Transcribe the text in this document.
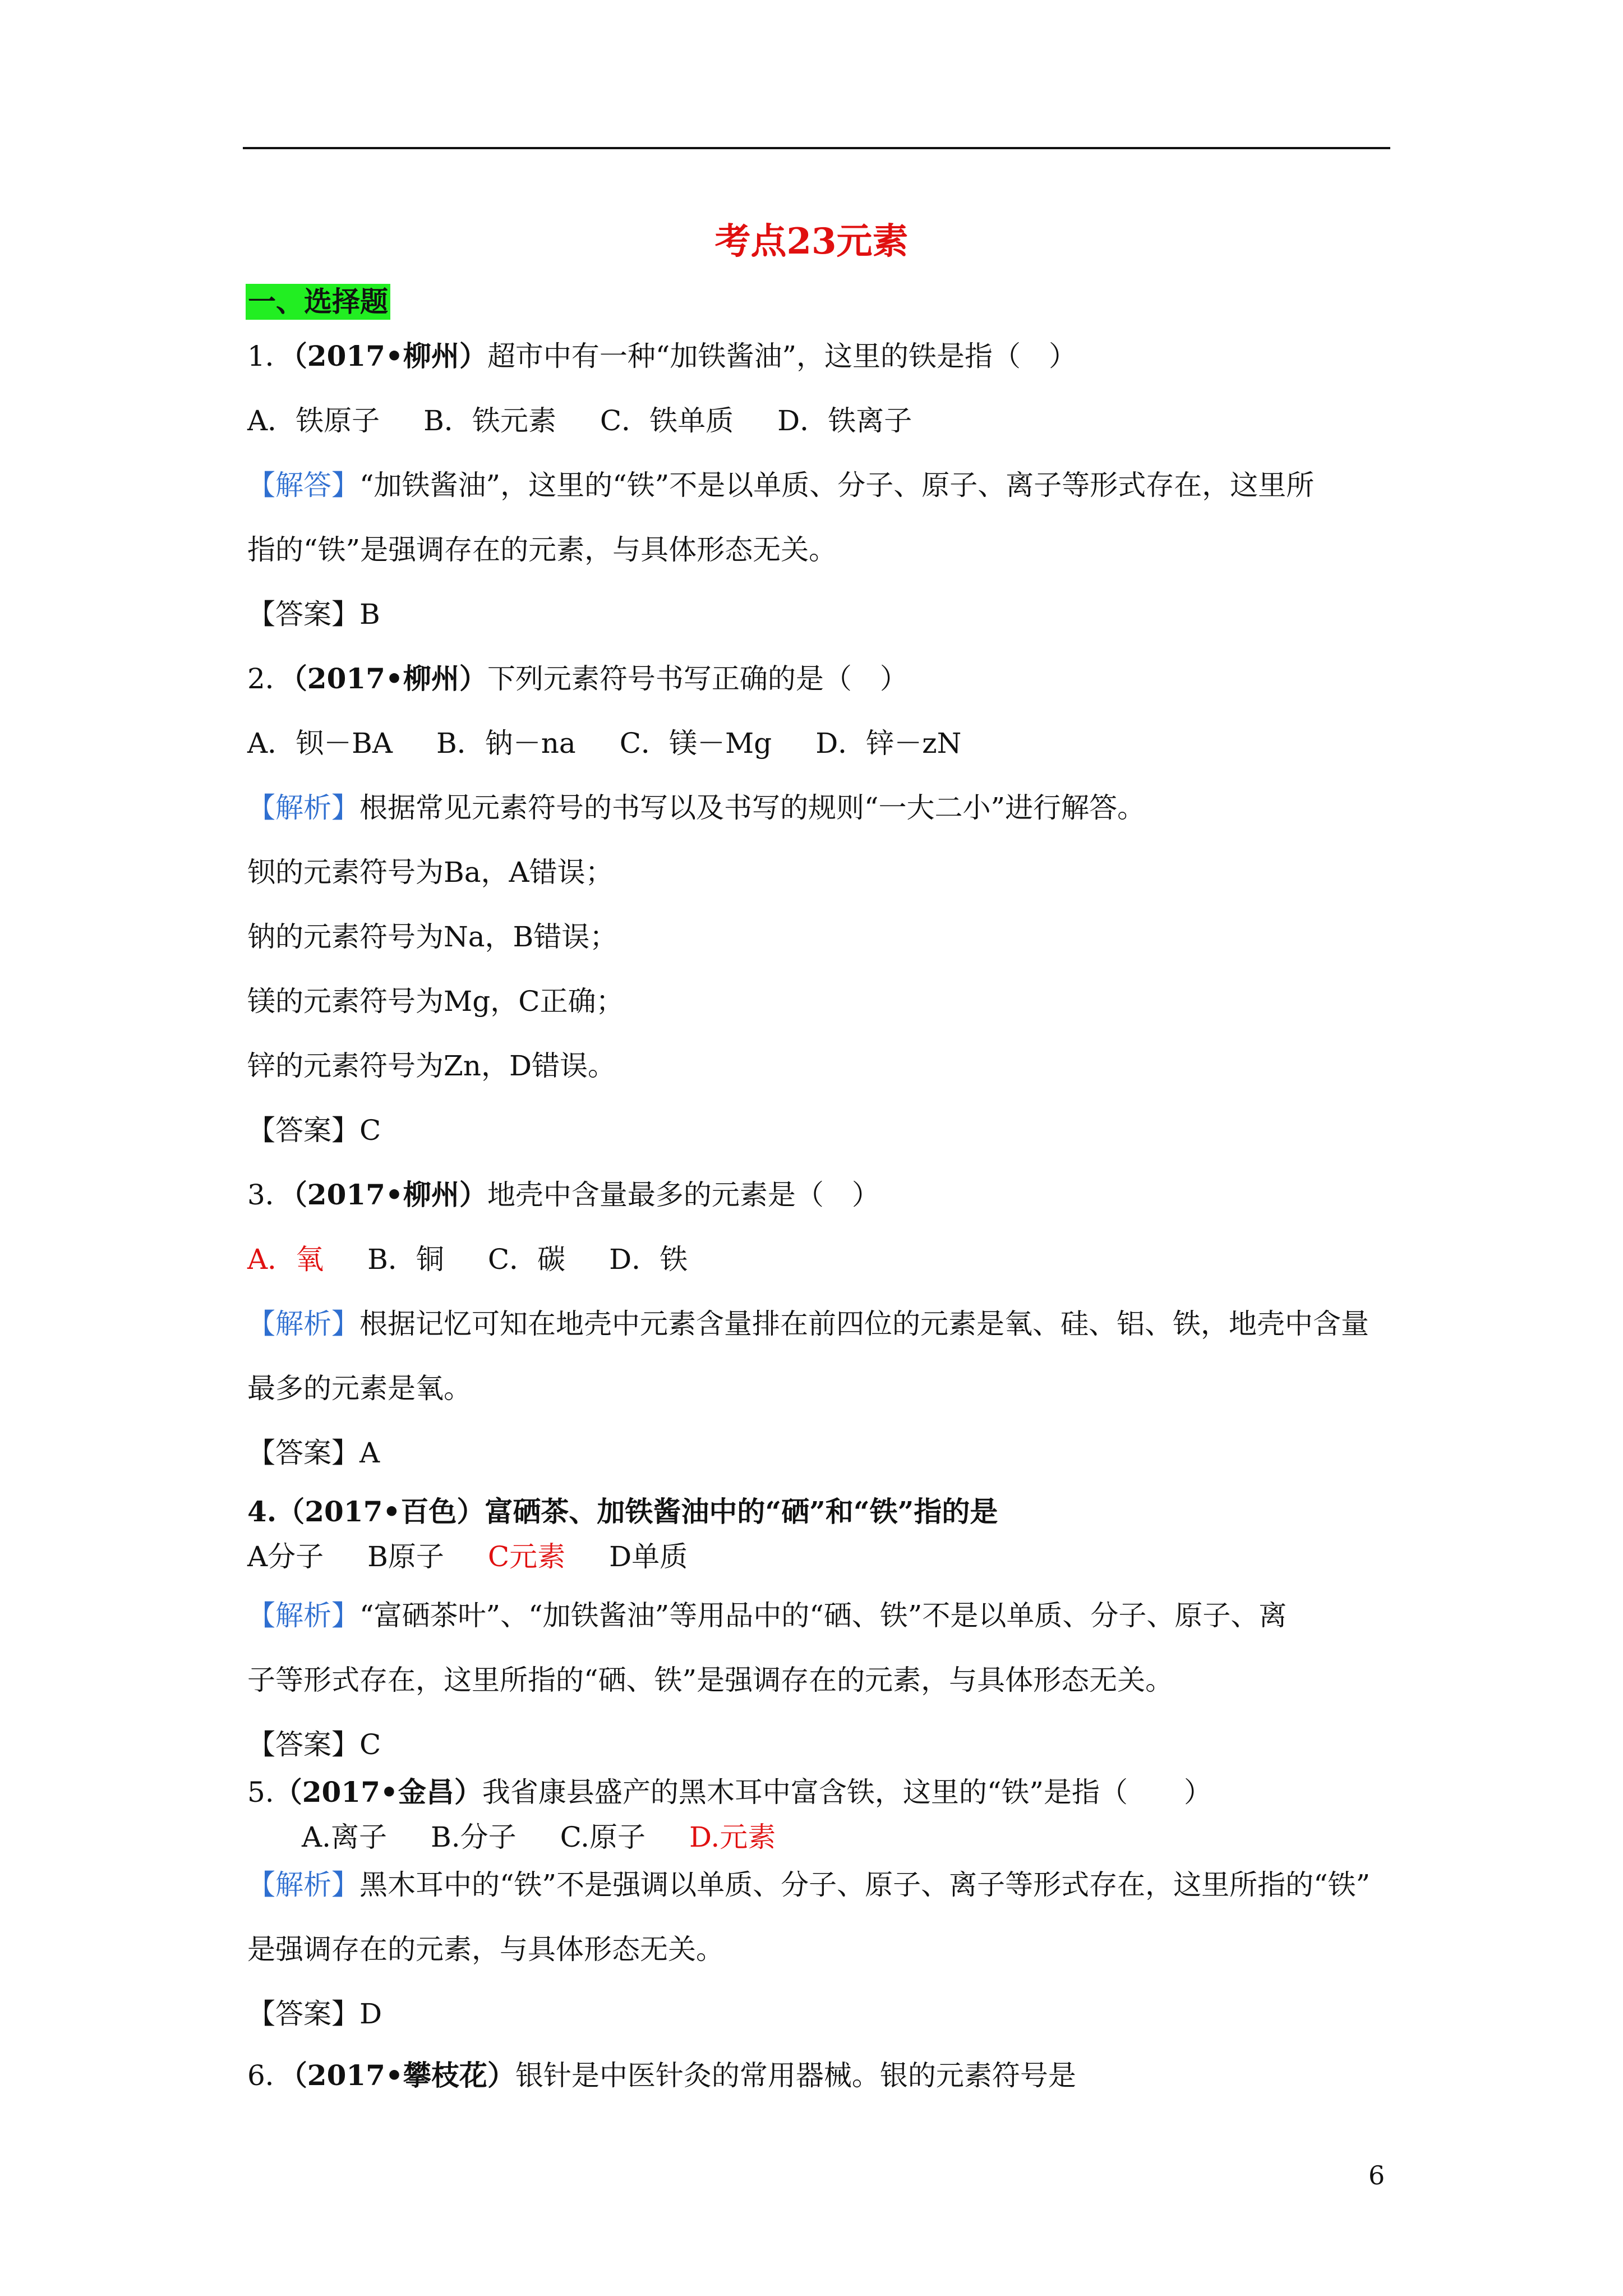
考点23元素
一、选择题
1．（2017•柳州）超市中有一种“加铁酱油”，这里的铁是指（　）
A．铁原子 B．铁元素 C．铁单质 D．铁离子
【解答】“加铁酱油”，这里的“铁”不是以单质、分子、原子、离子等形式存在，这里所
指的“铁”是强调存在的元素，与具体形态无关。
【答案】B
2．（2017•柳州）下列元素符号书写正确的是（　）
A．钡－BA B．钠－na C．镁－Mg D．锌－zN
【解析】根据常见元素符号的书写以及书写的规则“一大二小”进行解答。
钡的元素符号为Ba，A错误；
钠的元素符号为Na，B错误；
镁的元素符号为Mg，C正确；
锌的元素符号为Zn，D错误。
【答案】C
3．（2017•柳州）地壳中含量最多的元素是（　）
A．氧 B．铜 C．碳 D．铁
【解析】根据记忆可知在地壳中元素含量排在前四位的元素是氧、硅、铝、铁，地壳中含量
最多的元素是氧。
【答案】A
4.（2017•百色）富硒茶、加铁酱油中的“硒”和“铁”指的是
A分子 B原子 C元素 D单质
【解析】“富硒茶叶”、“加铁酱油”等用品中的“硒、铁”不是以单质、分子、原子、离
子等形式存在，这里所指的“硒、铁”是强调存在的元素，与具体形态无关。
【答案】C
5.（2017•金昌）我省康县盛产的黑木耳中富含铁，这里的“铁”是指（　　）
A.离子 B.分子 C.原子 D.元素
【解析】黑木耳中的“铁”不是强调以单质、分子、原子、离子等形式存在，这里所指的“铁”
是强调存在的元素，与具体形态无关。
【答案】D
6．（2017•攀枝花）银针是中医针灸的常用器械。银的元素符号是
6
